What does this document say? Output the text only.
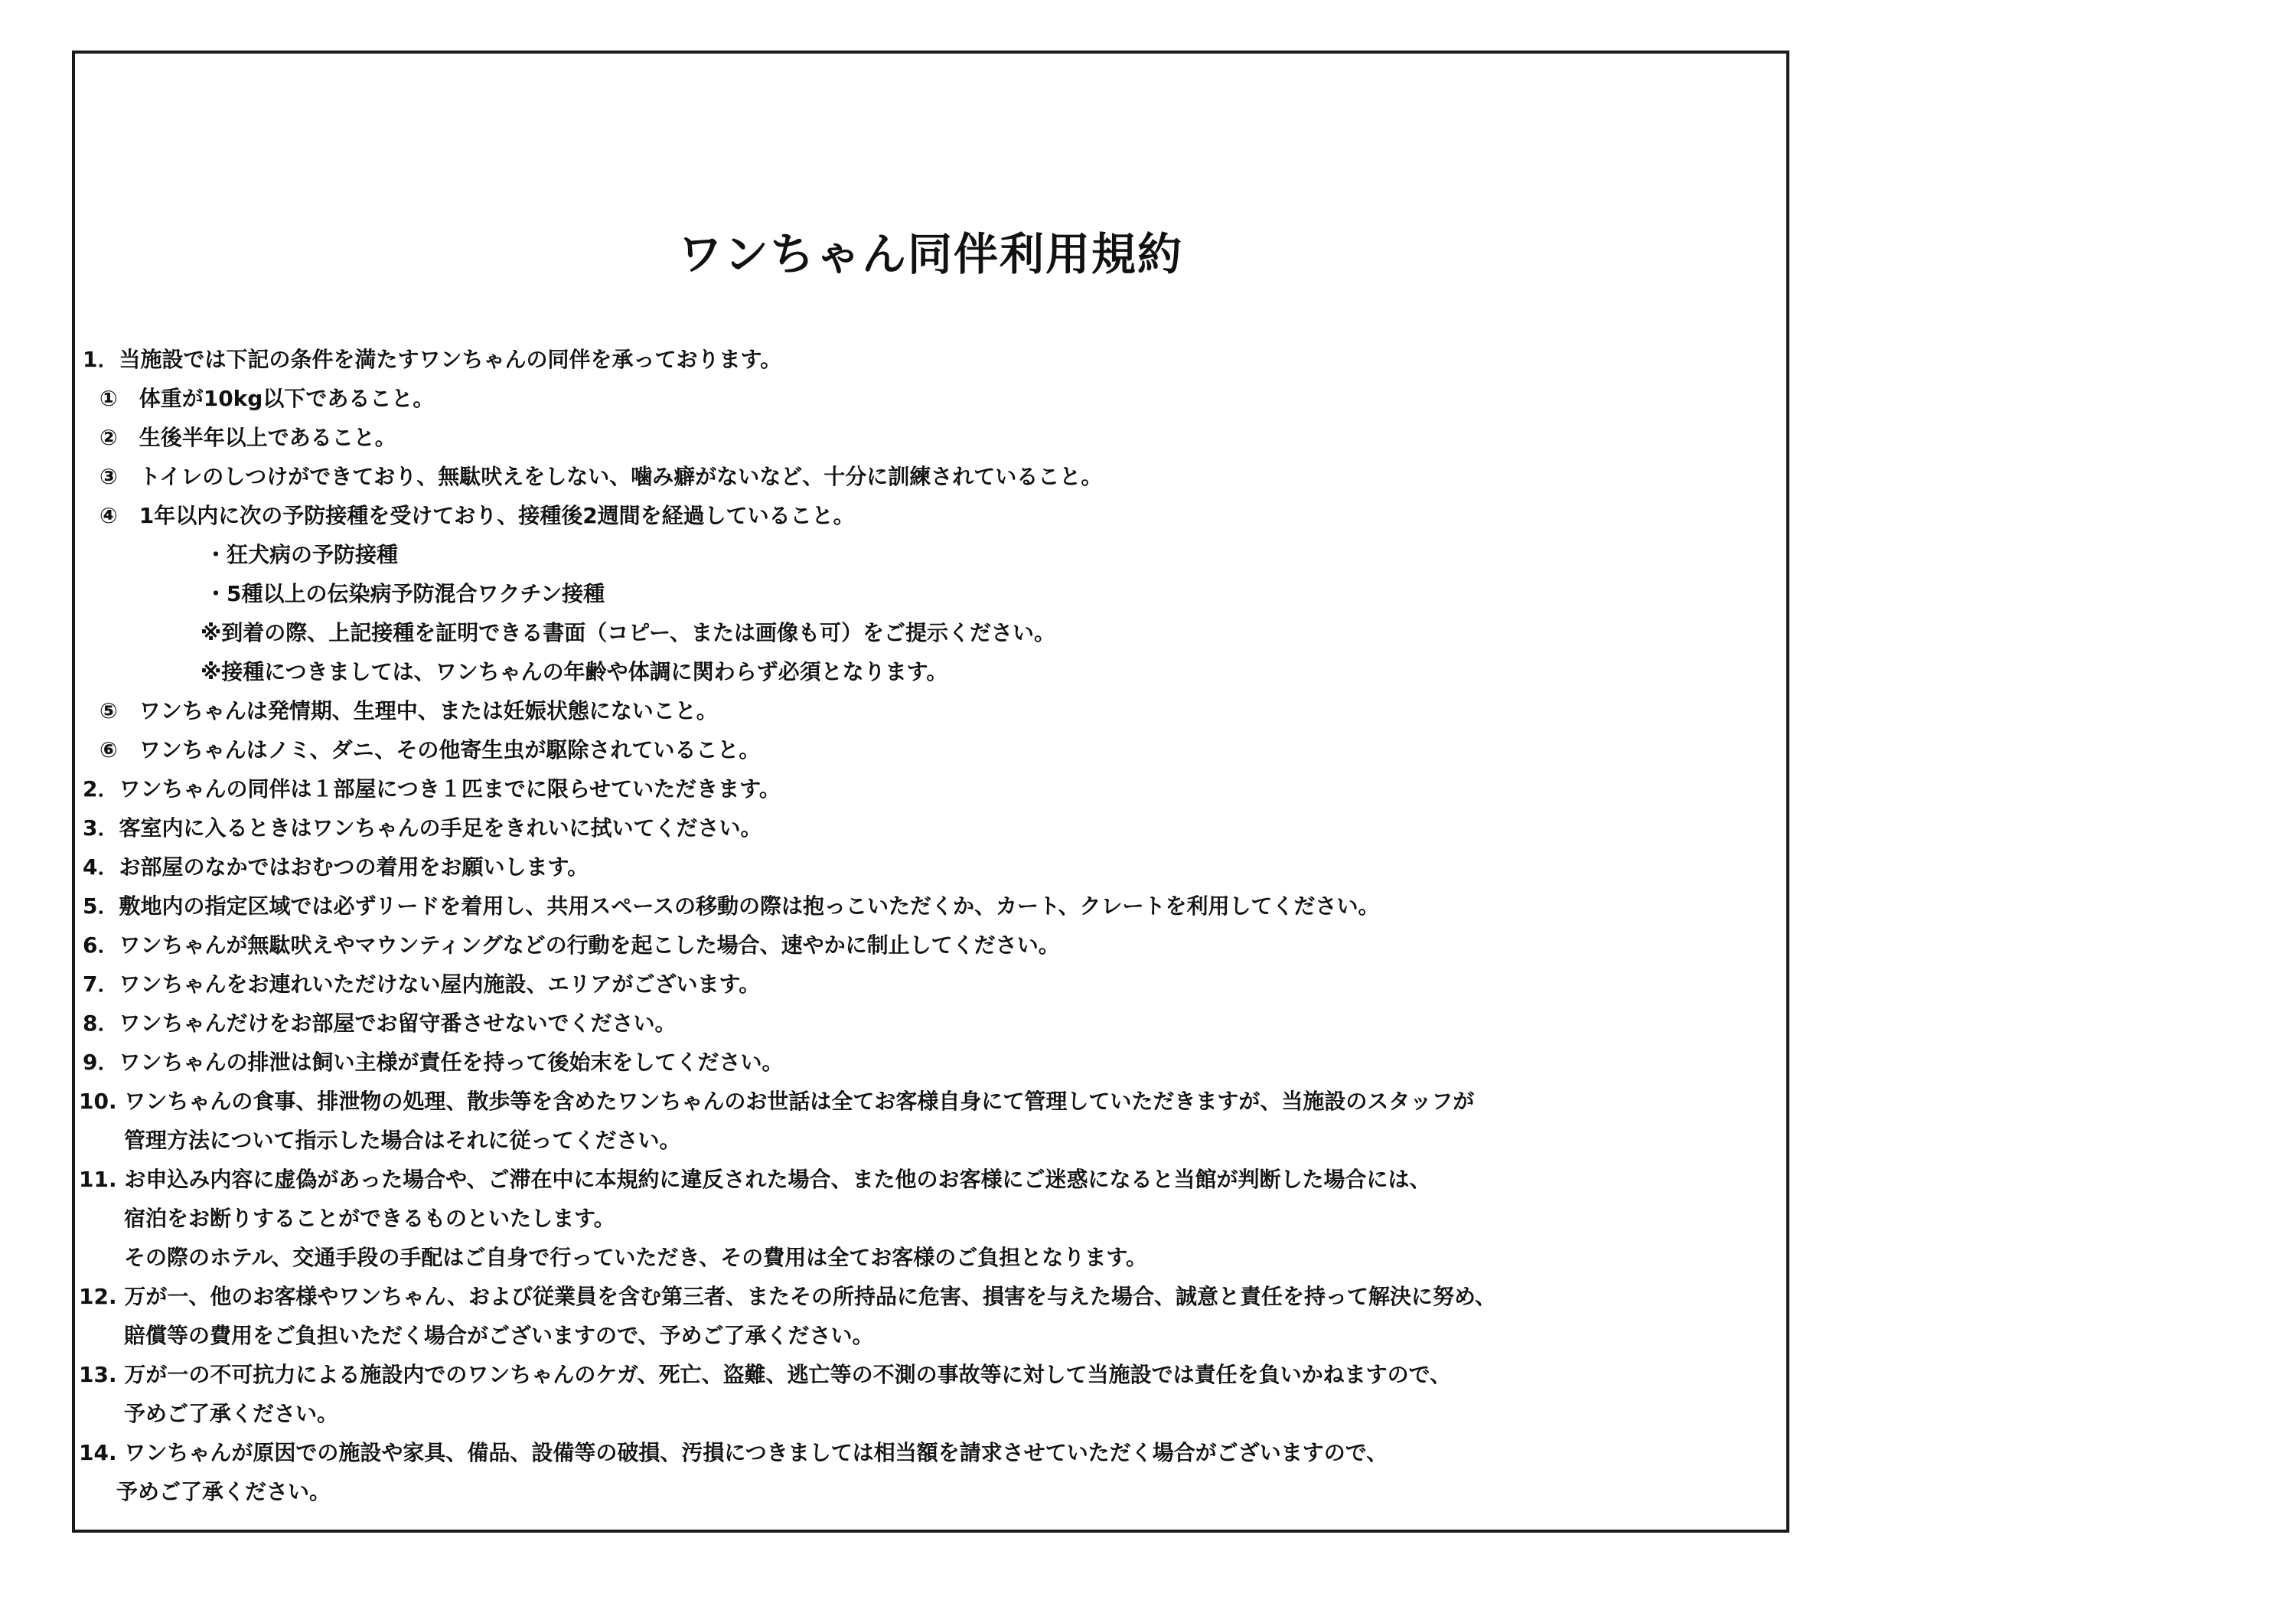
ワンちゃん同伴利用規約
1．当施設では下記の条件を満たすワンちゃんの同伴を承っております。
①　体重が10kg以下であること。
②　生後半年以上であること。
③　トイレのしつけができており、無駄吠えをしない、噛み癖がないなど、十分に訓練されていること。
④　1年以内に次の予防接種を受けており、接種後2週間を経過していること。
・狂犬病の予防接種
・5種以上の伝染病予防混合ワクチン接種
※到着の際、上記接種を証明できる書面（コピー、または画像も可）をご提示ください。
※接種につきましては、ワンちゃんの年齢や体調に関わらず必須となります。
⑤　ワンちゃんは発情期、生理中、または妊娠状態にないこと。
⑥　ワンちゃんはノミ、ダニ、その他寄生虫が駆除されていること。
2．ワンちゃんの同伴は１部屋につき１匹までに限らせていただきます。
3．客室内に入るときはワンちゃんの手足をきれいに拭いてください。
4．お部屋のなかではおむつの着用をお願いします。
5．敷地内の指定区域では必ずリードを着用し、共用スペースの移動の際は抱っこいただくか、カート、クレートを利用してください。
6．ワンちゃんが無駄吠えやマウンティングなどの行動を起こした場合、速やかに制止してください。
7．ワンちゃんをお連れいただけない屋内施設、エリアがございます。
8．ワンちゃんだけをお部屋でお留守番させないでください。
9．ワンちゃんの排泄は飼い主様が責任を持って後始末をしてください。
10. ワンちゃんの食事、排泄物の処理、散歩等を含めたワンちゃんのお世話は全てお客様自身にて管理していただきますが、当施設のスタッフが
管理方法について指示した場合はそれに従ってください。
11. お申込み内容に虚偽があった場合や、ご滞在中に本規約に違反された場合、また他のお客様にご迷惑になると当館が判断した場合には、
宿泊をお断りすることができるものといたします。
その際のホテル、交通手段の手配はご自身で行っていただき、その費用は全てお客様のご負担となります。
12. 万が一、他のお客様やワンちゃん、および従業員を含む第三者、またその所持品に危害、損害を与えた場合、誠意と責任を持って解決に努め、
賠償等の費用をご負担いただく場合がございますので、予めご了承ください。
13. 万が一の不可抗力による施設内でのワンちゃんのケガ、死亡、盗難、逃亡等の不測の事故等に対して当施設では責任を負いかねますので、
予めご了承ください。
14. ワンちゃんが原因での施設や家具、備品、設備等の破損、汚損につきましては相当額を請求させていただく場合がございますので、
予めご了承ください。
